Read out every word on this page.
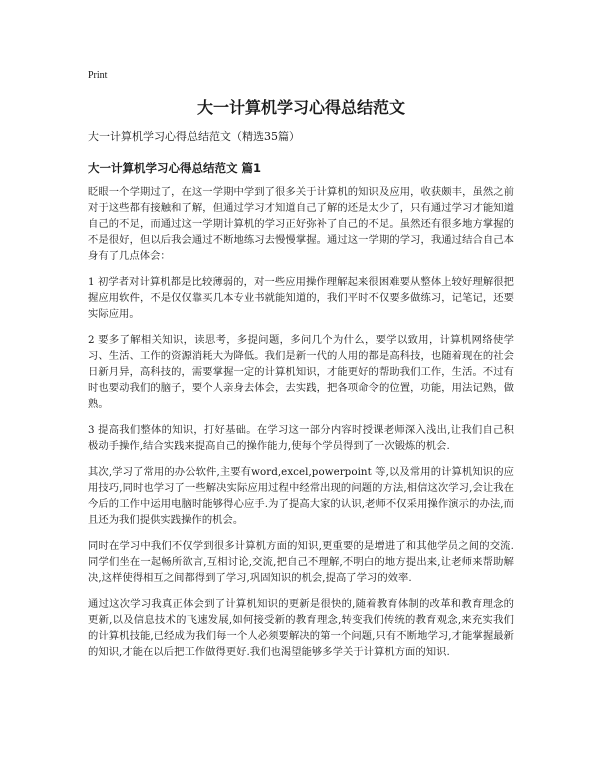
Print
大一计算机学习心得总结范文
大一计算机学习心得总结范文（精选35篇）
大一计算机学习心得总结范文 篇1
眨眼一个学期过了，在这一学期中学到了很多关于计算机的知识及应用，收获颇丰，虽然之前对于这些都有接触和了解，但通过学习才知道自己了解的还是太少了，只有通过学习才能知道自己的不足，而通过这一学期计算机的学习正好弥补了自己的不足。虽然还有很多地方掌握的不是很好，但以后我会通过不断地练习去慢慢掌握。通过这一学期的学习，我通过结合自己本身有了几点体会：
1 初学者对计算机都是比较薄弱的，对一些应用操作理解起来很困难要从整体上较好理解很把握应用软件，不是仅仅靠买几本专业书就能知道的，我们平时不仅要多做练习，记笔记，还要实际应用。
2 要多了解相关知识，读思考，多提问题，多问几个为什么，要学以致用，计算机网络使学习、生活、工作的资源消耗大为降低。我们是新一代的人用的都是高科技，也随着现在的社会日新月异，高科技的，需要掌握一定的计算机知识，才能更好的帮助我们工作，生活。不过有时也要动我们的脑子，要个人亲身去体会，去实践，把各项命令的位置，功能，用法记熟，做熟。
3 提高我们整体的知识，打好基础。在学习这一部分内容时授课老师深入浅出,让我们自己积极动手操作,结合实践来提高自己的操作能力,使每个学员得到了一次锻炼的机会.
其次,学习了常用的办公软件,主要有word,excel,powerpoint 等,以及常用的计算机知识的应用技巧,同时也学习了一些解决实际应用过程中经常出现的问题的方法,相信这次学习,会让我在今后的工作中运用电脑时能够得心应手.为了提高大家的认识,老师不仅采用操作演示的办法,而且还为我们提供实践操作的机会。
同时在学习中我们不仅学到很多计算机方面的知识,更重要的是增进了和其他学员之间的交流.同学们坐在一起畅所欲言,互相讨论,交流,把自己不理解,不明白的地方提出来,让老师来帮助解决,这样使得相互之间都得到了学习,巩固知识的机会,提高了学习的效率.
通过这次学习我真正体会到了计算机知识的更新是很快的,随着教育体制的改革和教育理念的更新,以及信息技术的飞速发展,如何接受新的教育理念,转变我们传统的教育观念,来充实我们的计算机技能,已经成为我们每一个人必须要解决的第一个问题,只有不断地学习,才能掌握最新的知识,才能在以后把工作做得更好.我们也渴望能够多学关于计算机方面的知识.
